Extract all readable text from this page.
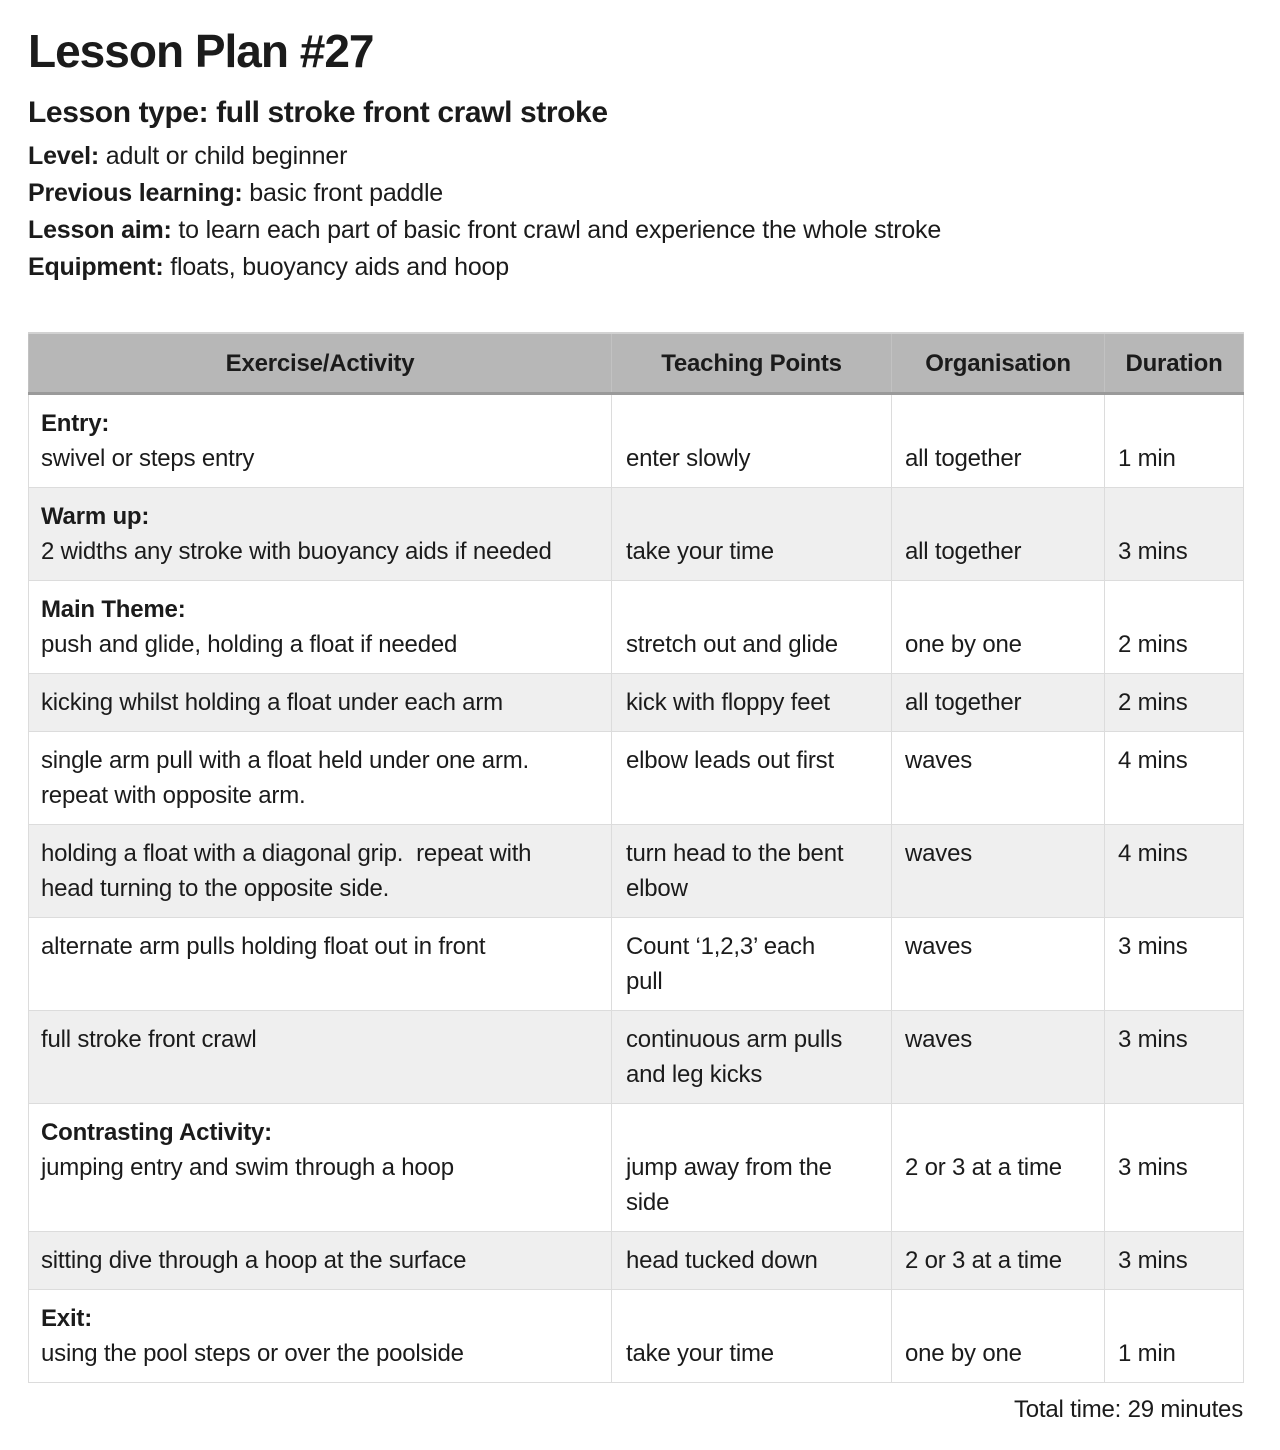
Lesson Plan #27
Lesson type: full stroke front crawl stroke

Level: adult or child beginner

Previous learning: basic front paddle

Lesson aim: to learn each part of basic front crawl and experience the whole stroke

Equipment: floats, buoyancy aids and hoop

Exercise/Activity	Teaching Points	Organisation	Duration

Entry:
swivel or steps entry	enter slowly	all together	1 min

Warm up:
2 widths any stroke with buoyancy aids if needed	take your time	all together	3 mins

Main Theme:
push and glide, holding a float if needed	stretch out and glide	one by one	2 mins

kicking whilst holding a float under each arm	kick with floppy feet	all together	2 mins

single arm pull with a float held under one arm. repeat with opposite arm.	elbow leads out first	waves	4 mins

holding a float with a diagonal grip.  repeat with head turning to the opposite side.	turn head to the bent elbow	waves	4 mins

alternate arm pulls holding float out in front	Count ‘1,2,3’ each pull	waves	3 mins

full stroke front crawl	continuous arm pulls and leg kicks	waves	3 mins

Contrasting Activity:
jumping entry and swim through a hoop	jump away from the side	2 or 3 at a time	3 mins

sitting dive through a hoop at the surface	head tucked down	2 or 3 at a time	3 mins

Exit:
using the pool steps or over the poolside	take your time	one by one	1 min
Total time: 29 minutes
